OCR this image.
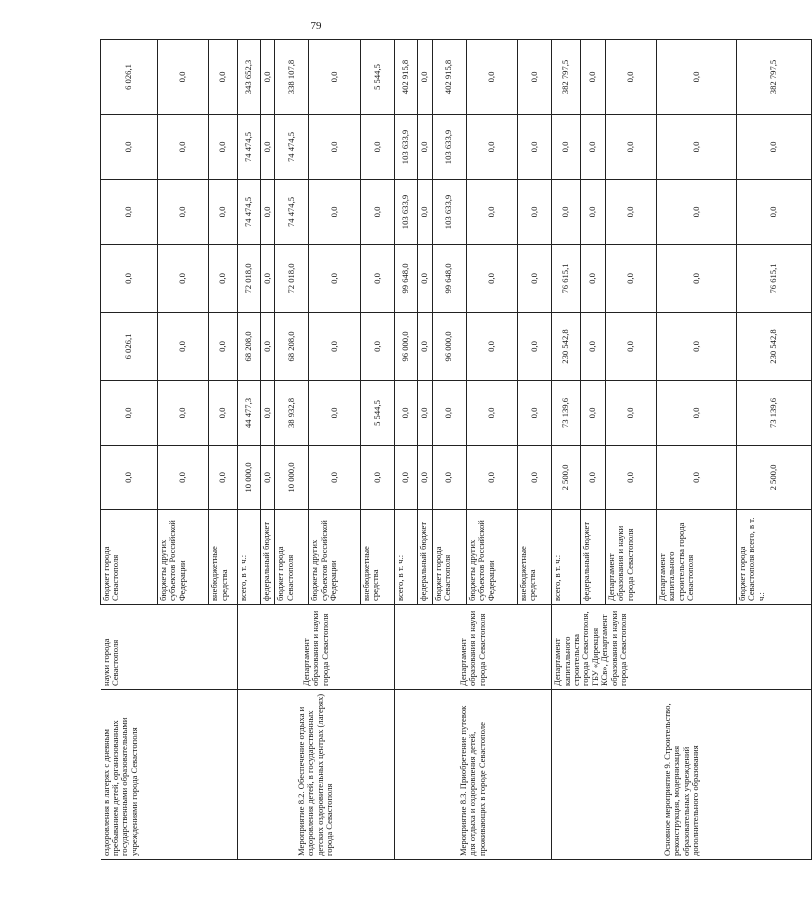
79
оздоровления в лагерях с дневным пребыванием детей, организованных государственными образовательными учреждениями города Севастополя	науки города Севастополя	бюджет города Севастополя	0,0	0,0	6 026,1	0,0	0,0	0,0	6 026,1
		бюджеты других субъектов Российской Федерации	0,0	0,0	0,0	0,0	0,0	0,0	0,0
		внебюджетные средства	0,0	0,0	0,0	0,0	0,0	0,0	0,0
Мероприятие 8.2. Обеспечение отдыха и оздоровления детей, в государственных детских оздоровительных центрах (лагерях) города Севастополя	Департамент образования и науки города Севастополя	всего, в т. ч.:	10 000,0	44 477,3	68 208,0	72 018,0	74 474,5	74 474,5	343 652,3
		федеральный бюджет	0,0	0,0	0,0	0,0	0,0	0,0	0,0
		бюджет города Севастополя	10 000,0	38 932,8	68 208,0	72 018,0	74 474,5	74 474,5	338 107,8
		бюджеты других субъектов Российской Федерации	0,0	0,0	0,0	0,0	0,0	0,0	0,0
		внебюджетные средства	0,0	5 544,5	0,0	0,0	0,0	0,0	5 544,5
Мероприятие 8.3. Приобретение путевок для отдыха и оздоровления детей, проживающих в городе Севастополе	Департамент образования и науки города Севастополя	всего, в т. ч.:	0,0	0,0	96 000,0	99 648,0	103 633,9	103 633,9	402 915,8
		федеральный бюджет	0,0	0,0	0,0	0,0	0,0	0,0	0,0
		бюджет города Севастополя	0,0	0,0	96 000,0	99 648,0	103 633,9	103 633,9	402 915,8
		бюджеты других субъектов Российской Федерации	0,0	0,0	0,0	0,0	0,0	0,0	0,0
		внебюджетные средства	0,0	0,0	0,0	0,0	0,0	0,0	0,0
Основное мероприятие 9. Строительство, реконструкция, модернизация образовательных учреждений дополнительного образования	Департамент капитального строительства города Севастополя, ГБУ «Дирекция КСв», Департамент образования и науки города Севастополя	всего, в т. ч.:	2 500,0	73 139,6	230 542,8	76 615,1	0,0	0,0	382 797,5
		федеральный бюджет	0,0	0,0	0,0	0,0	0,0	0,0	0,0
		Департамент образования и науки города Севастополя	0,0	0,0	0,0	0,0	0,0	0,0	0,0
		Департамент капитального строительства города Севастополя	0,0	0,0	0,0	0,0	0,0	0,0	0,0
		бюджет города Севастополя всего, в т. ч.:	2 500,0	73 139,6	230 542,8	76 615,1	0,0	0,0	382 797,5
